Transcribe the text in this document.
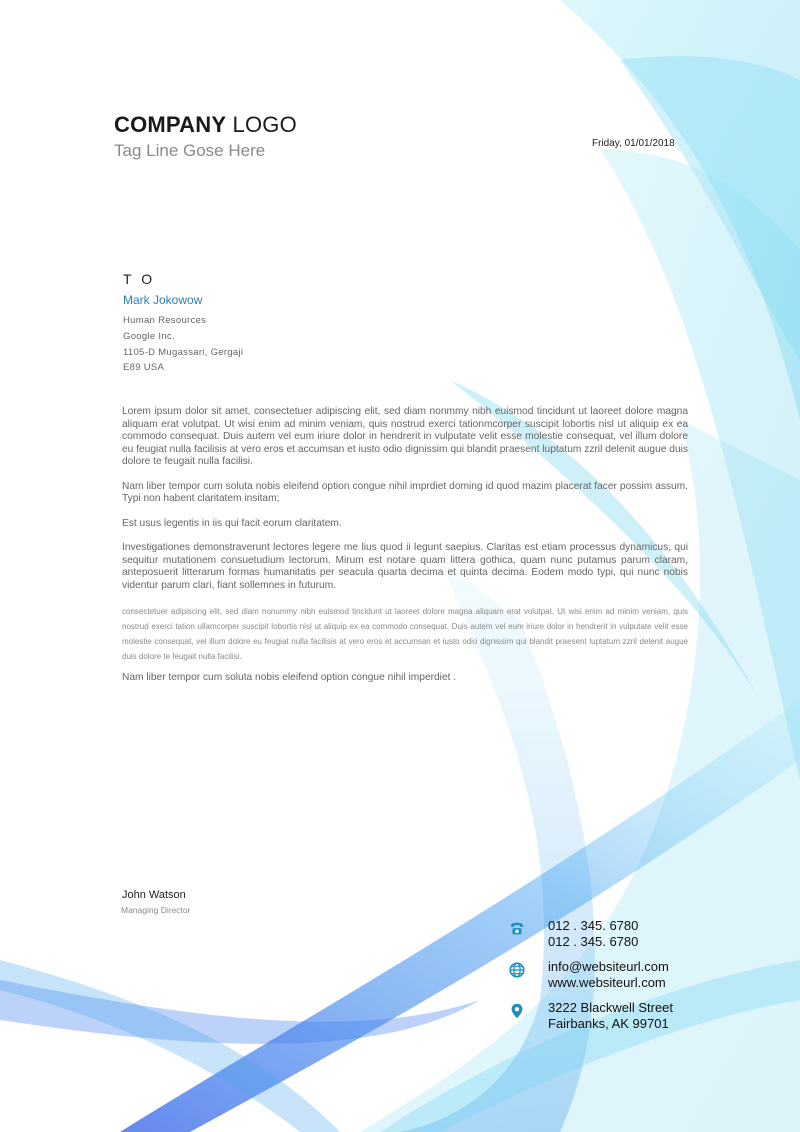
COMPANY LOGO
Tag Line Gose Here	Friday, 01/01/2018
T O
Mark Jokowow
Human Resources
Google Inc.
1105-D Mugassari, Gergaji
E89 USA

Lorem ipsum dolor sit amet, consectetuer adipiscing elit, sed diam nonmmy nibh euismod tincidunt ut laoreet dolore magna aliquam erat volutpat. Ut wisi enim ad minim veniam, quis nostrud exerci tationmcorper suscipit lobortis nisl ut aliquip ex ea commodo consequat. Duis autem vel eum iriure dolor in hendrerit in vulputate velit esse molestie consequat, vel illum dolore eu feugiat nulla facilisis at vero eros et accumsan et iusto odio dignissim qui blandit praesent luptatum zzril delenit augue duis dolore te feugait nulla facilisi.

Nam liber tempor cum soluta nobis eleifend option congue nihil imprdiet doming id quod mazim placerat facer possim assum. Typi non habent claritatem insitam;

Est usus legentis in iis qui facit eorum claritatem.

Investigationes demonstraverunt lectores legere me lius quod ii legunt saepius. Claritas est etiam processus dynamicus, qui sequitur mutationem consuetudium lectorum. Mirum est notare quam littera gothica, quam nunc putamus parum claram, anteposuerit litterarum formas humanitatis per seacula quarta decima et quinta decima. Eodem modo typi, qui nunc nobis videntur parum clari, fiant sollemnes in futurum.

consectetuer adipiscing elit, sed diam nonummy nibh euismod tincidunt ut laoreet dolore magna aliquam erat volutpat. Ut wisi enim ad minim veniam, quis nostrud exerci tation ullamcorper suscipit lobortis nisl ut aliquip ex ea commodo consequat. Duis autem vel eum iriure dolor in hendrerit in vulputate velit esse molestie consequat, vel illum dolore eu feugiat nulla facilisis at vero eros et accumsan et iusto odio dignissim qui blandit praesent luptatum zzril delenit augue duis dolore te feugait nulla facilisi.

Nam liber tempor cum soluta nobis eleifend option congue nihil imperdiet .

John Watson
Managing Director
012 . 345. 6780
012 . 345. 6780
info@websiteurl.com
www.websiteurl.com
3222 Blackwell Street
Fairbanks, AK 99701
